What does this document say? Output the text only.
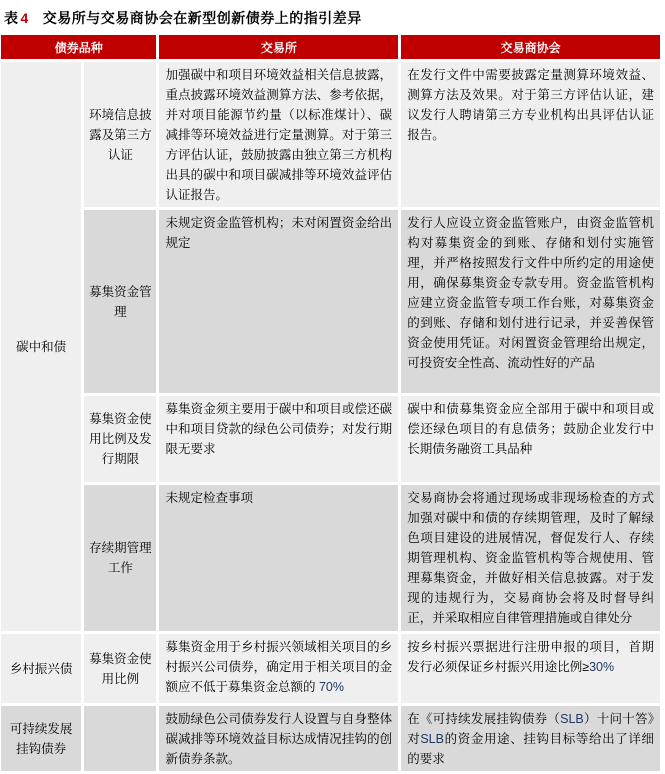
表 4 交易所与交易商协会在新型创新债券上的指引差异
债券品种		交易所	交易商协会
碳中和债	环境信息披露及第三方认证	加强碳中和项目环境效益相关信息披露，重点披露环境效益测算方法、参考依据，并对项目能源节约量（以标准煤计）、碳减排等环境效益进行定量测算。对于第三方评估认证，鼓励披露由独立第三方机构出具的碳中和项目碳减排等环境效益评估认证报告。	在发行文件中需要披露定量测算环境效益、测算方法及效果。对于第三方评估认证，建议发行人聘请第三方专业机构出具评估认证报告。
	募集资金管理	未规定资金监管机构；未对闲置资金给出规定	发行人应设立资金监管账户，由资金监管机构对募集资金的到账、存储和划付实施管理，并严格按照发行文件中所约定的用途使用，确保募集资金专款专用。资金监管机构应建立资金监管专项工作台账，对募集资金的到账、存储和划付进行记录，并妥善保管资金使用凭证。对闲置资金管理给出规定，可投资安全性高、流动性好的产品
	募集资金使用比例及发行期限	募集资金须主要用于碳中和项目或偿还碳中和项目贷款的绿色公司债券；对发行期限无要求	碳中和债募集资金应全部用于碳中和项目或偿还绿色项目的有息债务；鼓励企业发行中长期债务融资工具品种
	存续期管理工作	未规定检查事项	交易商协会将通过现场或非现场检查的方式加强对碳中和债的存续期管理，及时了解绿色项目建设的进展情况，督促发行人、存续期管理机构、资金监管机构等合规使用、管理募集资金，并做好相关信息披露。对于发现的违规行为，交易商协会将及时督导纠正，并采取相应自律管理措施或自律处分
乡村振兴债	募集资金使用比例	募集资金用于乡村振兴领域相关项目的乡村振兴公司债券，确定用于相关项目的金额应不低于募集资金总额的 70%	按乡村振兴票据进行注册申报的项目，首期发行必须保证乡村振兴用途比例≥30%
可持续发展挂钩债券		鼓励绿色公司债券发行人设置与自身整体碳减排等环境效益目标达成情况挂钩的创新债券条款。	在《可持续发展挂钩债券（SLB）十问十答》对SLB的资金用途、挂钩目标等给出了详细的要求
